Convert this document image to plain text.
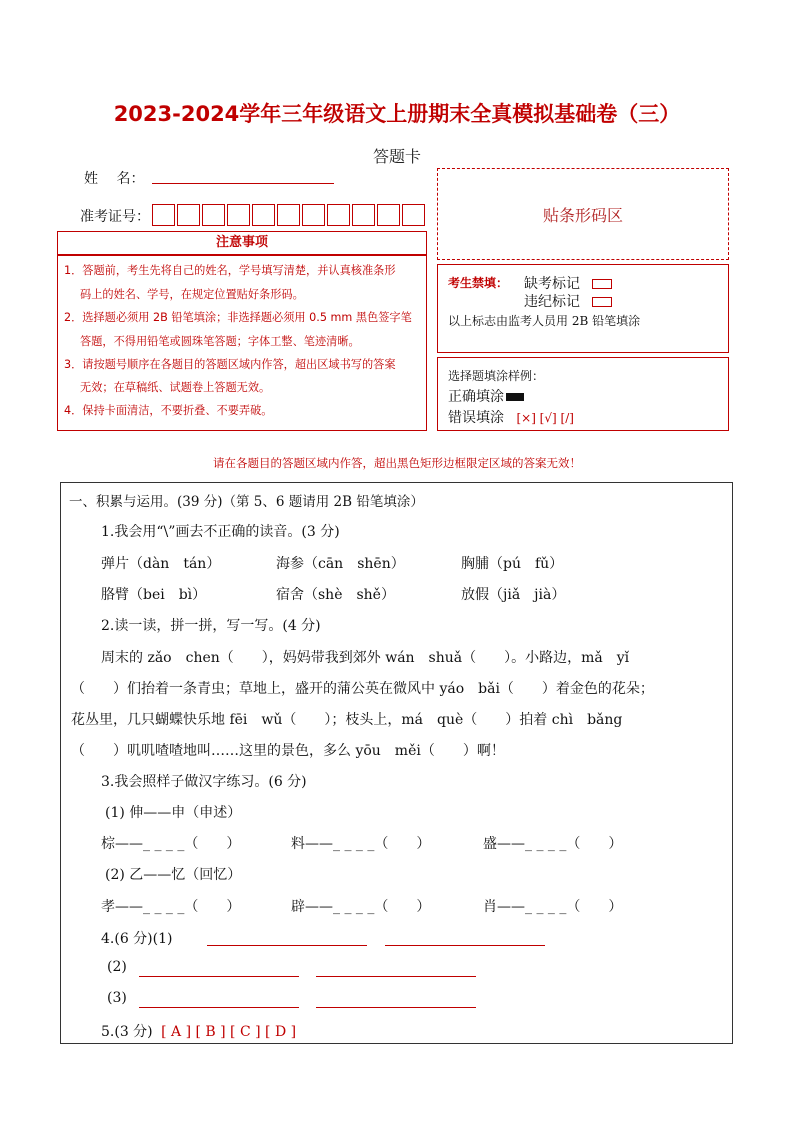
2023-2024学年三年级语文上册期末全真模拟基础卷（三）
答题卡
姓　 名：
准考证号：	贴条形码区
注意事项
1．答题前，考生先将自己的姓名，学号填写清楚，并认真核准条形
码上的姓名、学号，在规定位置贴好条形码。
2．选择题必须用 2B 铅笔填涂；非选择题必须用 0.5 mm 黑色签字笔
答题，不得用铅笔或圆珠笔答题；字体工整、笔迹清晰。
3．请按题号顺序在各题目的答题区域内作答，超出区域书写的答案
无效；在草稿纸、试题卷上答题无效。
4．保持卡面清洁，不要折叠、不要弄破。
考生禁填： 缺考标记
违纪标记
以上标志由监考人员用 2B 铅笔填涂
选择题填涂样例：
正确填涂
错误填涂 [×] [√] [/]
请在各题目的答题区域内作答，超出黑色矩形边框限定区域的答案无效！
一、积累与运用。(39 分)（第 5、6 题请用 2B 铅笔填涂）
1.我会用“\”画去不正确的读音。(3 分)
弹片（dàn　tán）	海参（cān　shēn）	胸脯（pú　fǔ）
胳臂（bei　bì）	宿舍（shè　shě）	放假（jiǎ　jià）
2.读一读，拼一拼，写一写。(4 分)
周末的 zǎo　chen（　　），妈妈带我到郊外 wán　shuǎ（　　）。小路边，mǎ　yǐ
（　　）们抬着一条青虫；草地上，盛开的蒲公英在微风中 yáo　bǎi（　　）着金色的花朵；
花丛里，几只蝴蝶快乐地 fēi　wǔ（　　）；枝头上，má　què（　　）拍着 chì　bǎng
（　　）叽叽喳喳地叫……这里的景色，多么 yōu　měi（　　）啊！
3.我会照样子做汉字练习。(6 分)
(1) 伸——申（申述）
棕——_ _ _ _（　　）	料——_ _ _ _（　　）	盛——_ _ _ _（　　）
(2) 乙——忆（回忆）
孝——_ _ _ _（　　）	辟——_ _ _ _（　　）	肖——_ _ _ _（　　）
4.(6 分)(1)
(2)
(3)
5.(3 分) [ A ] [ B ] [ C ] [ D ]
